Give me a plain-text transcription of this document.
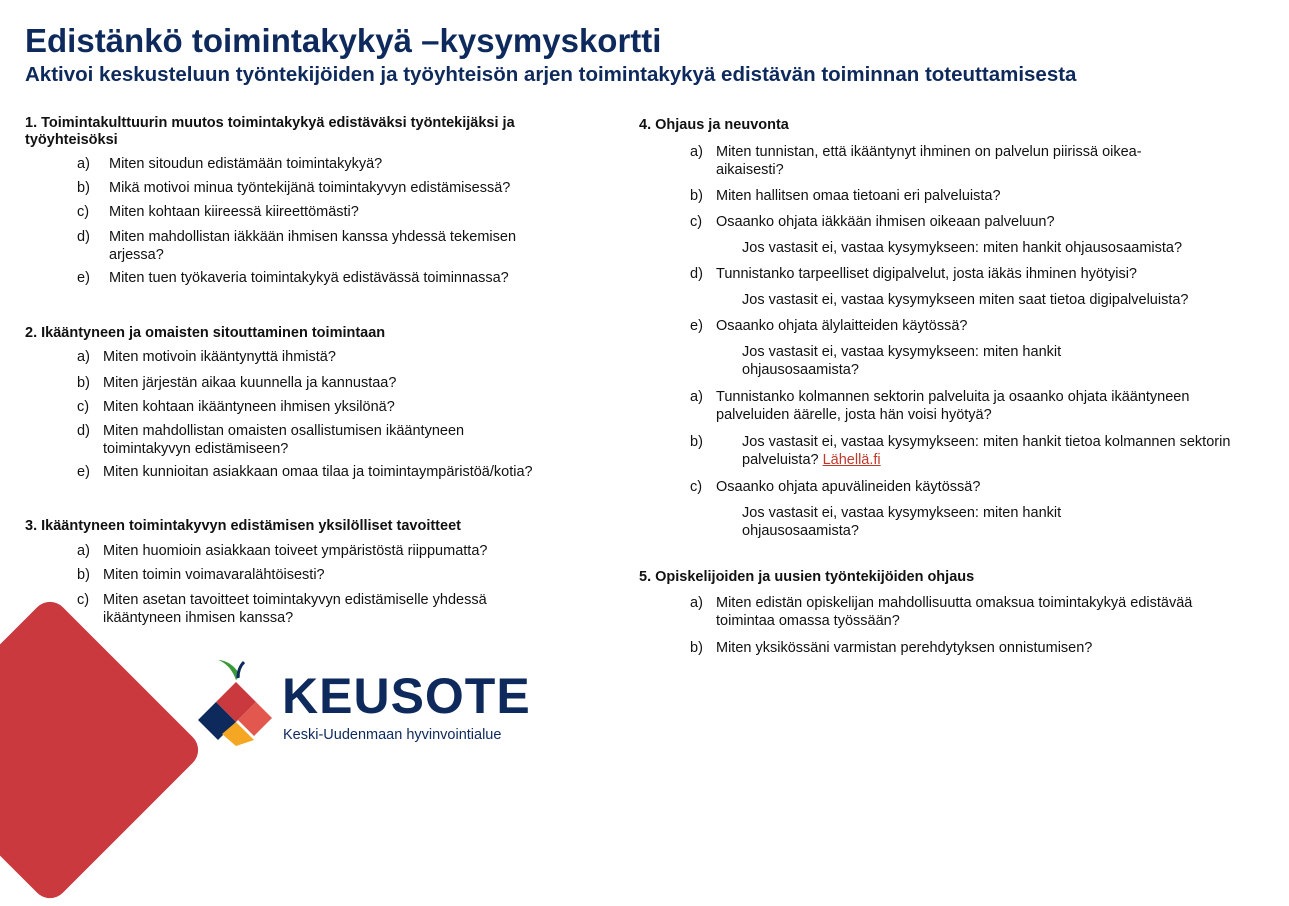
Edistänkö toimintakykyä –kysymyskortti
Aktivoi keskusteluun työntekijöiden ja työyhteisön arjen toimintakykyä edistävän toiminnan toteuttamisesta
1. Toimintakulttuurin muutos toimintakykyä edistäväksi työntekijäksi ja työyhteisöksi
a) Miten sitoudun edistämään toimintakykyä?
b) Mikä motivoi minua työntekijänä toimintakyvyn edistämisessä?
c) Miten kohtaan kiireessä kiireettömästi?
d) Miten mahdollistan iäkkään ihmisen kanssa yhdessä tekemisen arjessa?
e) Miten tuen työkaveria toimintakykyä edistävässä toiminnassa?
2. Ikääntyneen ja omaisten sitouttaminen toimintaan
a) Miten motivoin ikääntynyttä ihmistä?
b) Miten järjestän aikaa kuunnella ja kannustaa?
c) Miten kohtaan ikääntyneen ihmisen yksilönä?
d) Miten mahdollistan omaisten osallistumisen ikääntyneen toimintakyvyn edistämiseen?
e) Miten kunnioitan asiakkaan omaa tilaa ja toimintaympäristöä/kotia?
3. Ikääntyneen toimintakyvyn edistämisen yksilölliset tavoitteet
a) Miten huomioin asiakkaan toiveet ympäristöstä riippumatta?
b) Miten toimin voimavaralähtöisesti?
c) Miten asetan tavoitteet toimintakyvyn edistämiselle yhdessä ikääntyneen ihmisen kanssa?
4. Ohjaus ja neuvonta
a) Miten tunnistan, että ikääntynyt ihminen on palvelun piirissä oikea-aikaisesti?
b) Miten hallitsen omaa tietoani eri palveluista?
c) Osaanko ohjata iäkkään ihmisen oikeaan palveluun?
Jos vastasit ei, vastaa kysymykseen: miten hankit ohjausosaamista?
d) Tunnistanko tarpeelliset digipalvelut, josta iäkäs ihminen hyötyisi?
Jos vastasit ei, vastaa kysymykseen miten saat tietoa digipalveluista?
e) Osaanko ohjata älylaitteiden käytössä?
Jos vastasit ei, vastaa kysymykseen: miten hankit ohjausosaamista?
a) Tunnistanko kolmannen sektorin palveluita ja osaanko ohjata ikääntyneen palveluiden äärelle, josta hän voisi hyötyä?
b)	Jos vastasit ei, vastaa kysymykseen: miten hankit tietoa kolmannen sektorin palveluista? Lähellä.fi
c) Osaanko ohjata apuvälineiden käytössä?
Jos vastasit ei, vastaa kysymykseen: miten hankit ohjausosaamista?
5. Opiskelijoiden ja uusien työntekijöiden ohjaus
a) Miten edistän opiskelijan mahdollisuutta omaksua toimintakykyä edistävää toimintaa omassa työssään?
b) Miten yksikössäni varmistan perehdytyksen onnistumisen?
KEUSOTE
Keski-Uudenmaan hyvinvointialue
